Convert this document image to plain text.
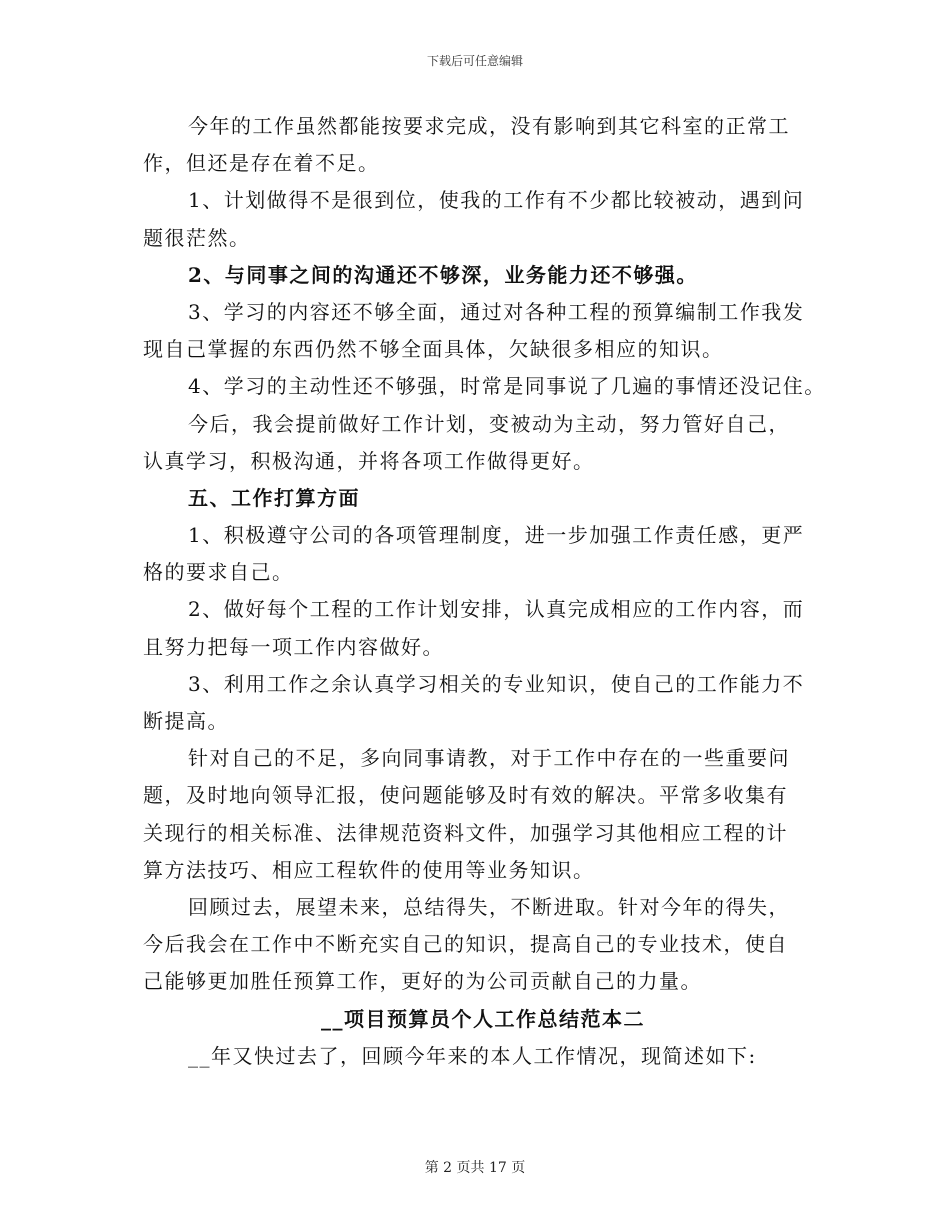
下载后可任意编辑
今年的工作虽然都能按要求完成，没有影响到其它科室的正常工
作，但还是存在着不足。
1、计划做得不是很到位，使我的工作有不少都比较被动，遇到问
题很茫然。
2、与同事之间的沟通还不够深，业务能力还不够强。
3、学习的内容还不够全面，通过对各种工程的预算编制工作我发
现自己掌握的东西仍然不够全面具体，欠缺很多相应的知识。
4、学习的主动性还不够强，时常是同事说了几遍的事情还没记住。
今后，我会提前做好工作计划，变被动为主动，努力管好自己，
认真学习，积极沟通，并将各项工作做得更好。
五、工作打算方面
1、积极遵守公司的各项管理制度，进一步加强工作责任感，更严
格的要求自己。
2、做好每个工程的工作计划安排，认真完成相应的工作内容，而
且努力把每一项工作内容做好。
3、利用工作之余认真学习相关的专业知识，使自己的工作能力不
断提高。
针对自己的不足，多向同事请教，对于工作中存在的一些重要问
题，及时地向领导汇报，使问题能够及时有效的解决。平常多收集有
关现行的相关标准、法律规范资料文件，加强学习其他相应工程的计
算方法技巧、相应工程软件的使用等业务知识。
回顾过去，展望未来，总结得失，不断进取。针对今年的得失，
今后我会在工作中不断充实自己的知识，提高自己的专业技术，使自
己能够更加胜任预算工作，更好的为公司贡献自己的力量。
__项目预算员个人工作总结范本二
__年又快过去了，回顾今年来的本人工作情况，现简述如下:
第 2 页共 17 页
